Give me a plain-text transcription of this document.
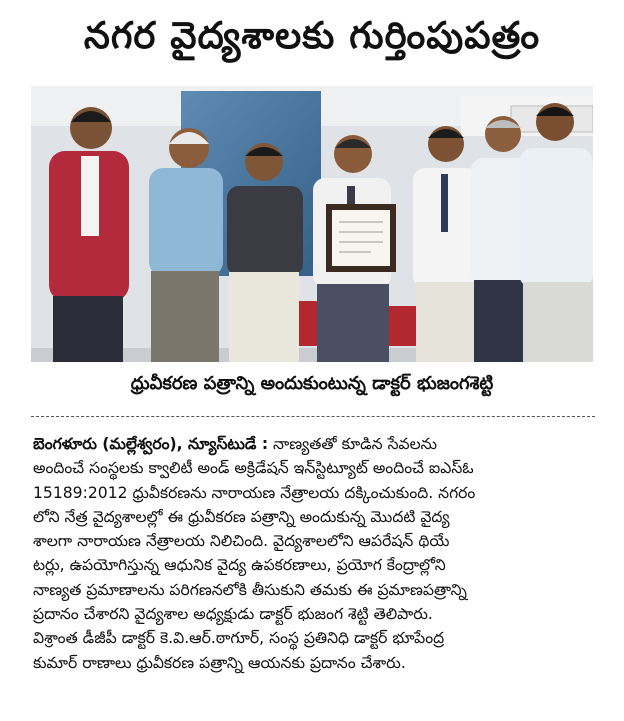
నగర వైద్యశాలకు గుర్తింపుపత్రం
ధ్రువీకరణ పత్రాన్ని అందుకుంటున్న డాక్టర్ భుజంగశెట్టి
బెంగళూరు (మల్లేశ్వరం), న్యూస్‌టుడే : నాణ్యతతో కూడిన సేవలను
అందించే సంస్థలకు క్వాలిటీ అండ్ అక్రిడేషన్ ఇన్‌స్టిట్యూట్ అందించే ఐఎస్ఓ
15189:2012 ధ్రువీకరణను నారాయణ నేత్రాలయ దక్కించుకుంది. నగరం
లోని నేత్ర వైద్యశాలల్లో ఈ ధ్రువీకరణ పత్రాన్ని అందుకున్న మొదటి వైద్య
శాలగా నారాయణ నేత్రాలయ నిలిచింది. వైద్యశాలలోని ఆపరేషన్ థియే
టర్లు, ఉపయోగిస్తున్న ఆధునిక వైద్య ఉపకరణాలు, ప్రయోగ కేంద్రాల్లోని
నాణ్యత ప్రమాణాలను పరిగణనలోకి తీసుకుని తమకు ఈ ప్రమాణపత్రాన్ని
ప్రదానం చేశారని వైద్యశాల అధ్యక్షుడు డాక్టర్ భుజంగ శెట్టి తెలిపారు.
విశ్రాంత డీజీపీ డాక్టర్ కె.వి.ఆర్.ఠాగూర్, సంస్థ ప్రతినిధి డాక్టర్ భూపేంద్ర
కుమార్ రాణాలు ధ్రువీకరణ పత్రాన్ని ఆయనకు ప్రదానం చేశారు.
